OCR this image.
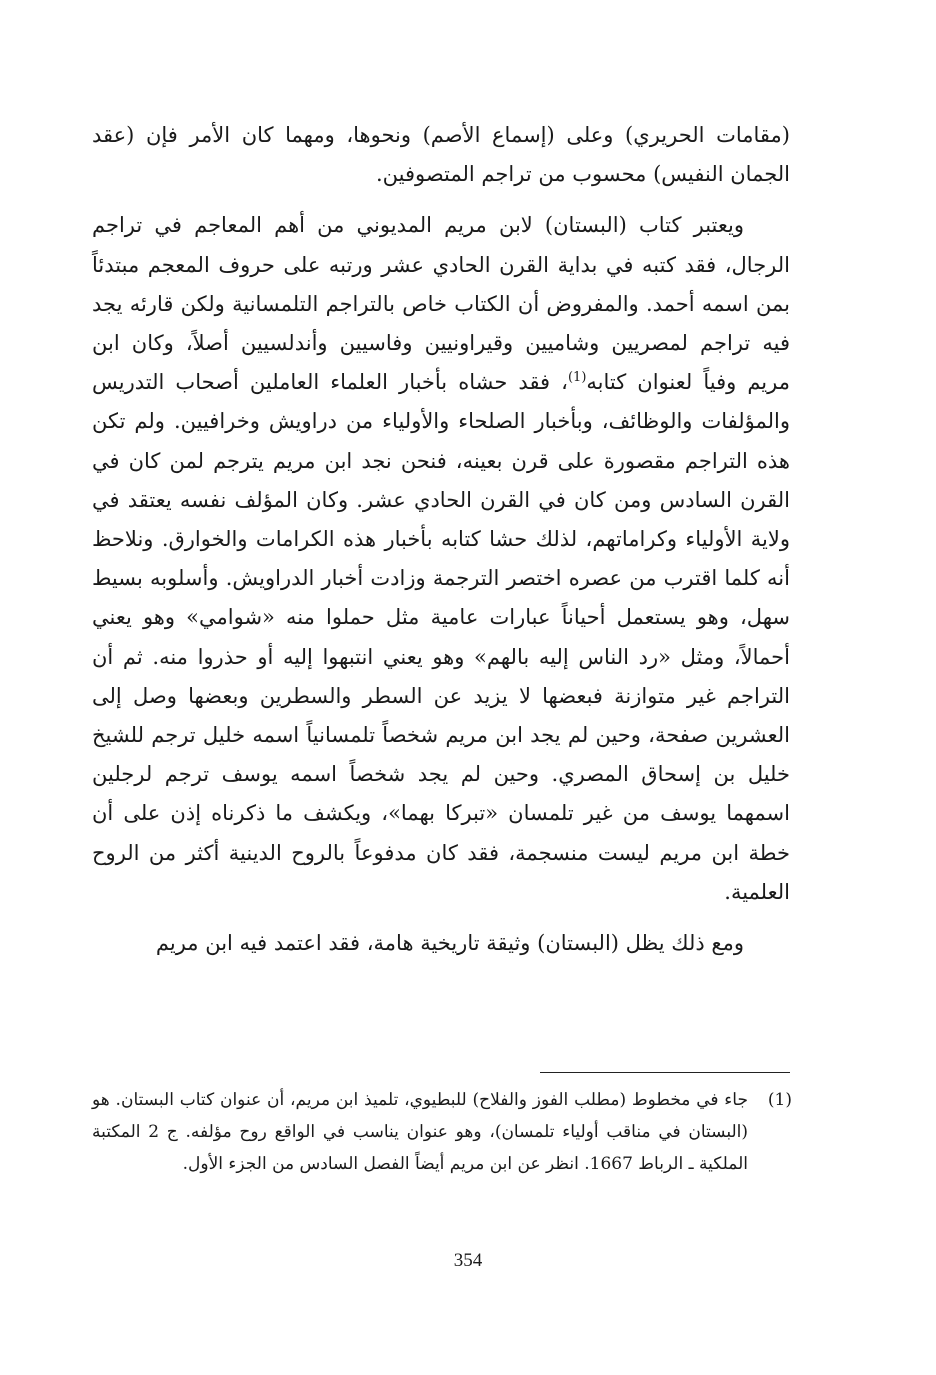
(مقامات الحريري) وعلى (إسماع الأصم) ونحوها، ومهما كان الأمر فإن (عقد الجمان النفيس) محسوب من تراجم المتصوفين.

ويعتبر كتاب (البستان) لابن مريم المديوني من أهم المعاجم في تراجم الرجال، فقد كتبه في بداية القرن الحادي عشر ورتبه على حروف المعجم مبتدئاً بمن اسمه أحمد. والمفروض أن الكتاب خاص بالتراجم التلمسانية ولكن قارئه يجد فيه تراجم لمصريين وشاميين وقيراونيين وفاسيين وأندلسيين أصلاً، وكان ابن مريم وفياً لعنوان كتابه$^{(1)}$، فقد حشاه بأخبار العلماء العاملين أصحاب التدريس والمؤلفات والوظائف، وبأخبار الصلحاء والأولياء من دراويش وخرافيين. ولم تكن هذه التراجم مقصورة على قرن بعينه، فنحن نجد ابن مريم يترجم لمن كان في القرن السادس ومن كان في القرن الحادي عشر. وكان المؤلف نفسه يعتقد في ولاية الأولياء وكراماتهم، لذلك حشا كتابه بأخبار هذه الكرامات والخوارق. ونلاحظ أنه كلما اقترب من عصره اختصر الترجمة وزادت أخبار الدراويش. وأسلوبه بسيط سهل، وهو يستعمل أحياناً عبارات عامية مثل حملوا منه «شوامي» وهو يعني أحمالاً، ومثل «رد الناس إليه بالهم» وهو يعني انتبهوا إليه أو حذروا منه. ثم أن التراجم غير متوازنة فبعضها لا يزيد عن السطر والسطرين وبعضها وصل إلى العشرين صفحة، وحين لم يجد ابن مريم شخصاً تلمسانياً اسمه خليل ترجم للشيخ خليل بن إسحاق المصري. وحين لم يجد شخصاً اسمه يوسف ترجم لرجلين اسمهما يوسف من غير تلمسان «تبركا بهما»، ويكشف ما ذكرناه إذن على أن خطة ابن مريم ليست منسجمة، فقد كان مدفوعاً بالروح الدينية أكثر من الروح العلمية.

ومع ذلك يظل (البستان) وثيقة تاريخية هامة، فقد اعتمد فيه ابن مريم

(1)
جاء في مخطوط (مطلب الفوز والفلاح) للبطيوي، تلميذ ابن مريم، أن عنوان كتاب البستان. هو (البستان في مناقب أولياء تلمسان)، وهو عنوان يناسب في الواقع روح مؤلفه. ج 2 المكتبة الملكية ـ الرباط 1667. انظر عن ابن مريم أيضاً الفصل السادس من الجزء الأول.
354
